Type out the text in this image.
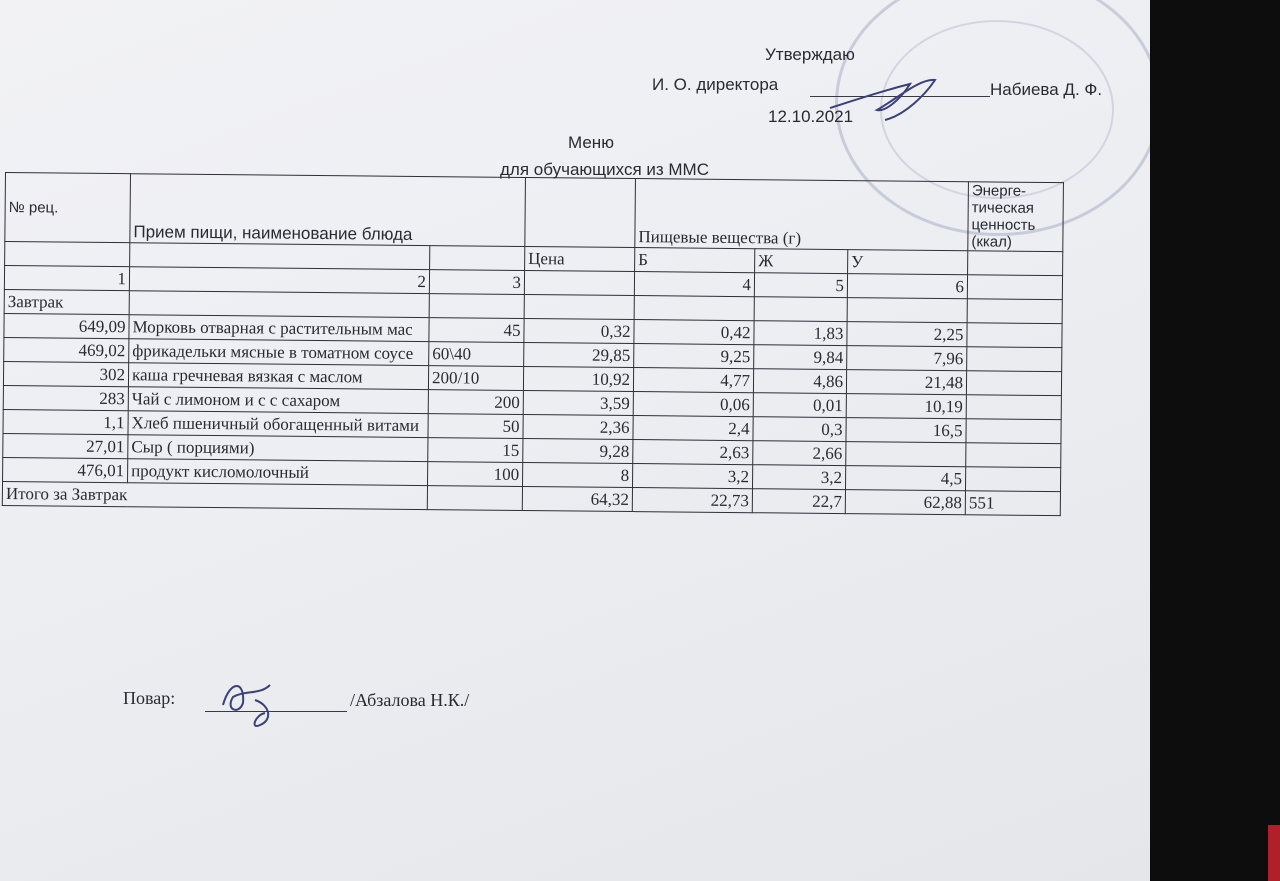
Утверждаю
И. О. директора	Набиева Д. Ф.
12.10.2021
Меню
для обучающихся из ММС
№ рец.	Прием пищи, наименование блюда			Пищевые вещества (г)			Энерге- тическая ценность (ккал)
			Цена	Б	Ж	У	
1	2	3		4	5	6	
Завтрак							
649,09	Морковь отварная с растительным мас	45	0,32	0,42	1,83	2,25	
469,02	фрикадельки мясные в томатном соусе	60\40	29,85	9,25	9,84	7,96	
302	каша гречневая вязкая с маслом	200/10	10,92	4,77	4,86	21,48	
283	Чай с лимоном и с с сахаром	200	3,59	0,06	0,01	10,19	
1,1	Хлеб пшеничный обогащенный витами	50	2,36	2,4	0,3	16,5	
27,01	Сыр ( порциями)	15	9,28	2,63	2,66		
476,01	продукт кисломолочный	100	8	3,2	3,2	4,5	
Итого за Завтрак			64,32	22,73	22,7	62,88	551
Повар:	/Абзалова Н.К./
